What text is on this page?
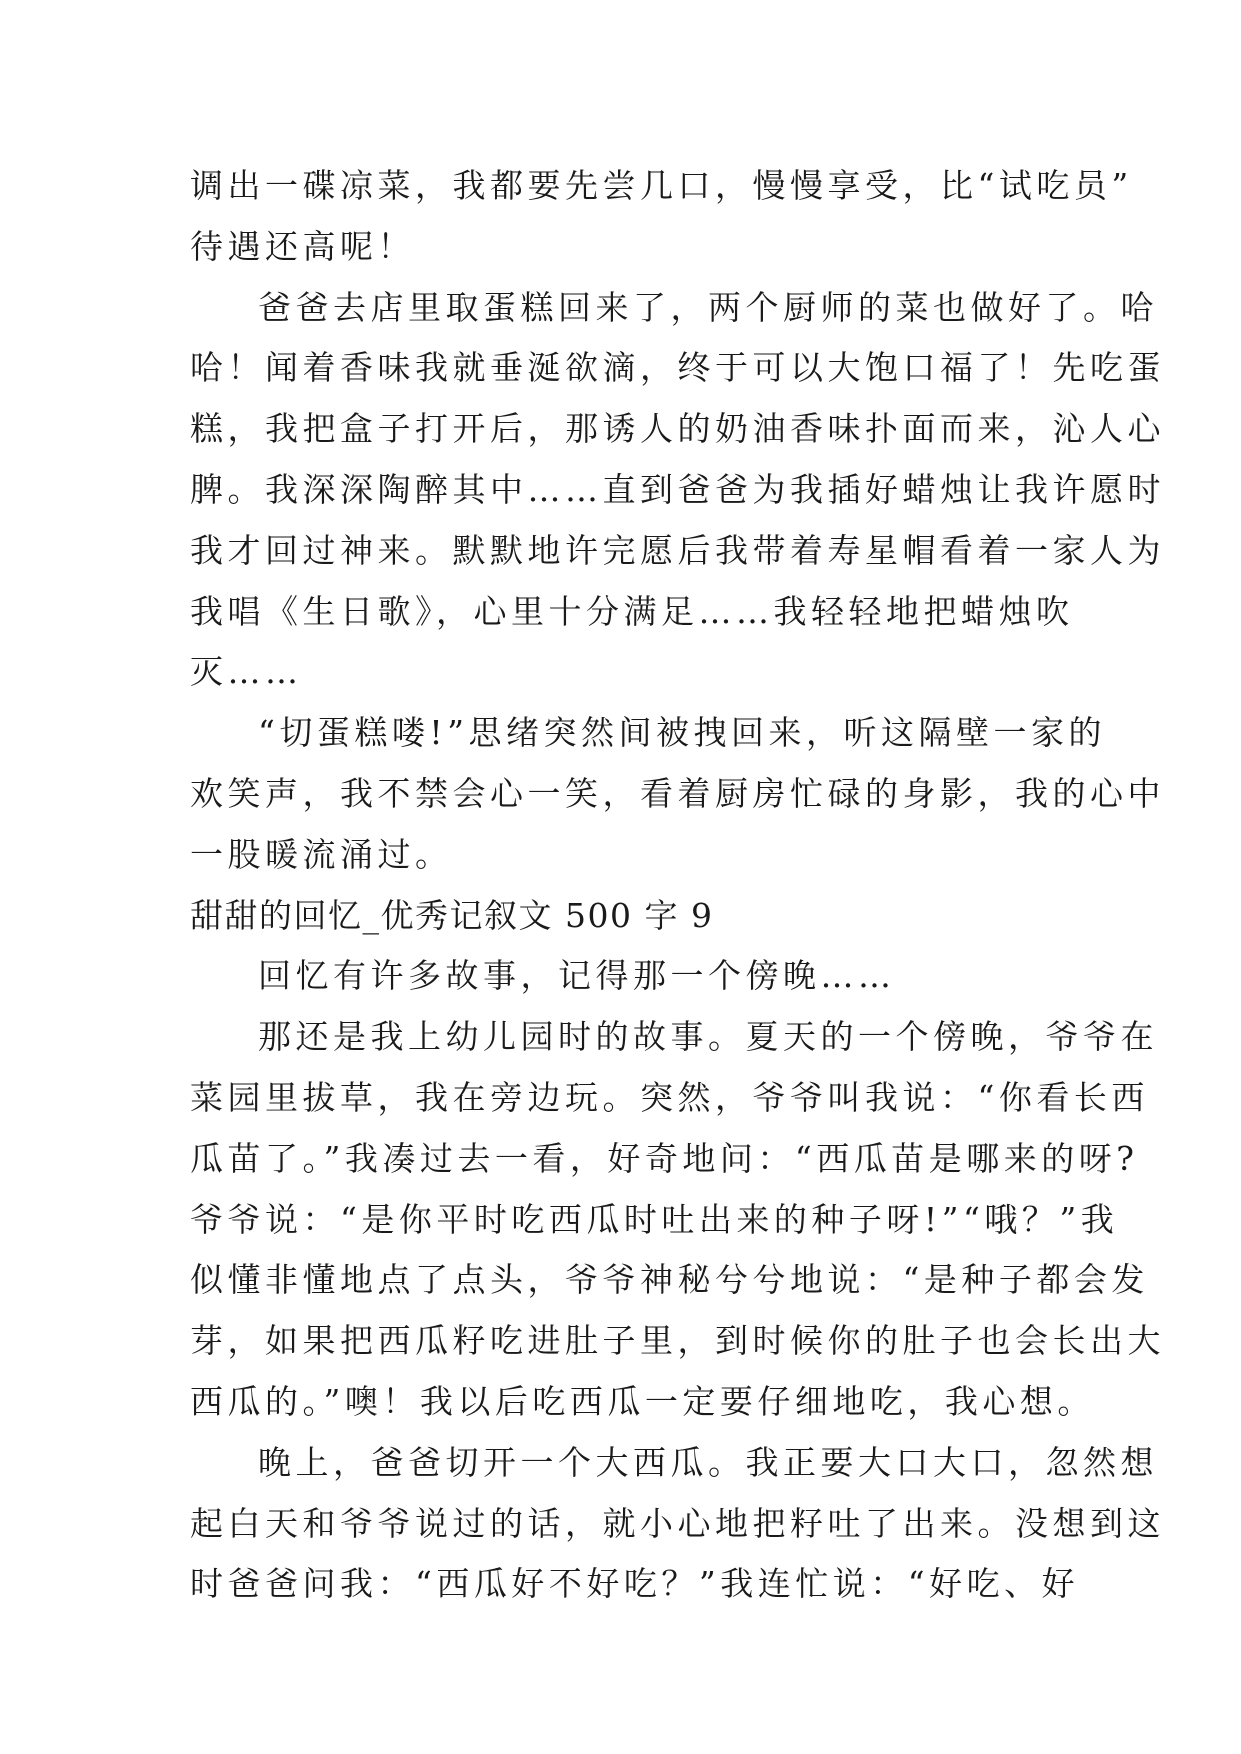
调出一碟凉菜，我都要先尝几口，慢慢享受，比“试吃员”
待遇还高呢！
爸爸去店里取蛋糕回来了，两个厨师的菜也做好了。哈
哈！闻着香味我就垂涎欲滴，终于可以大饱口福了！先吃蛋
糕，我把盒子打开后，那诱人的奶油香味扑面而来，沁人心
脾。我深深陶醉其中……直到爸爸为我插好蜡烛让我许愿时
我才回过神来。默默地许完愿后我带着寿星帽看着一家人为
我唱《生日歌》，心里十分满足……我轻轻地把蜡烛吹
灭……
“切蛋糕喽!”思绪突然间被拽回来，听这隔壁一家的
欢笑声，我不禁会心一笑，看着厨房忙碌的身影，我的心中
一股暖流涌过。
甜甜的回忆_优秀记叙文 500 字 9
回忆有许多故事，记得那一个傍晚……
那还是我上幼儿园时的故事。夏天的一个傍晚，爷爷在
菜园里拔草，我在旁边玩。突然，爷爷叫我说：“你看长西
瓜苗了。”我凑过去一看，好奇地问：“西瓜苗是哪来的呀?
爷爷说：“是你平时吃西瓜时吐出来的种子呀!”“哦？”我
似懂非懂地点了点头，爷爷神秘兮兮地说：“是种子都会发
芽，如果把西瓜籽吃进肚子里，到时候你的肚子也会长出大
西瓜的。”噢！我以后吃西瓜一定要仔细地吃，我心想。
晚上，爸爸切开一个大西瓜。我正要大口大口，忽然想
起白天和爷爷说过的话，就小心地把籽吐了出来。没想到这
时爸爸问我：“西瓜好不好吃？”我连忙说：“好吃、好
